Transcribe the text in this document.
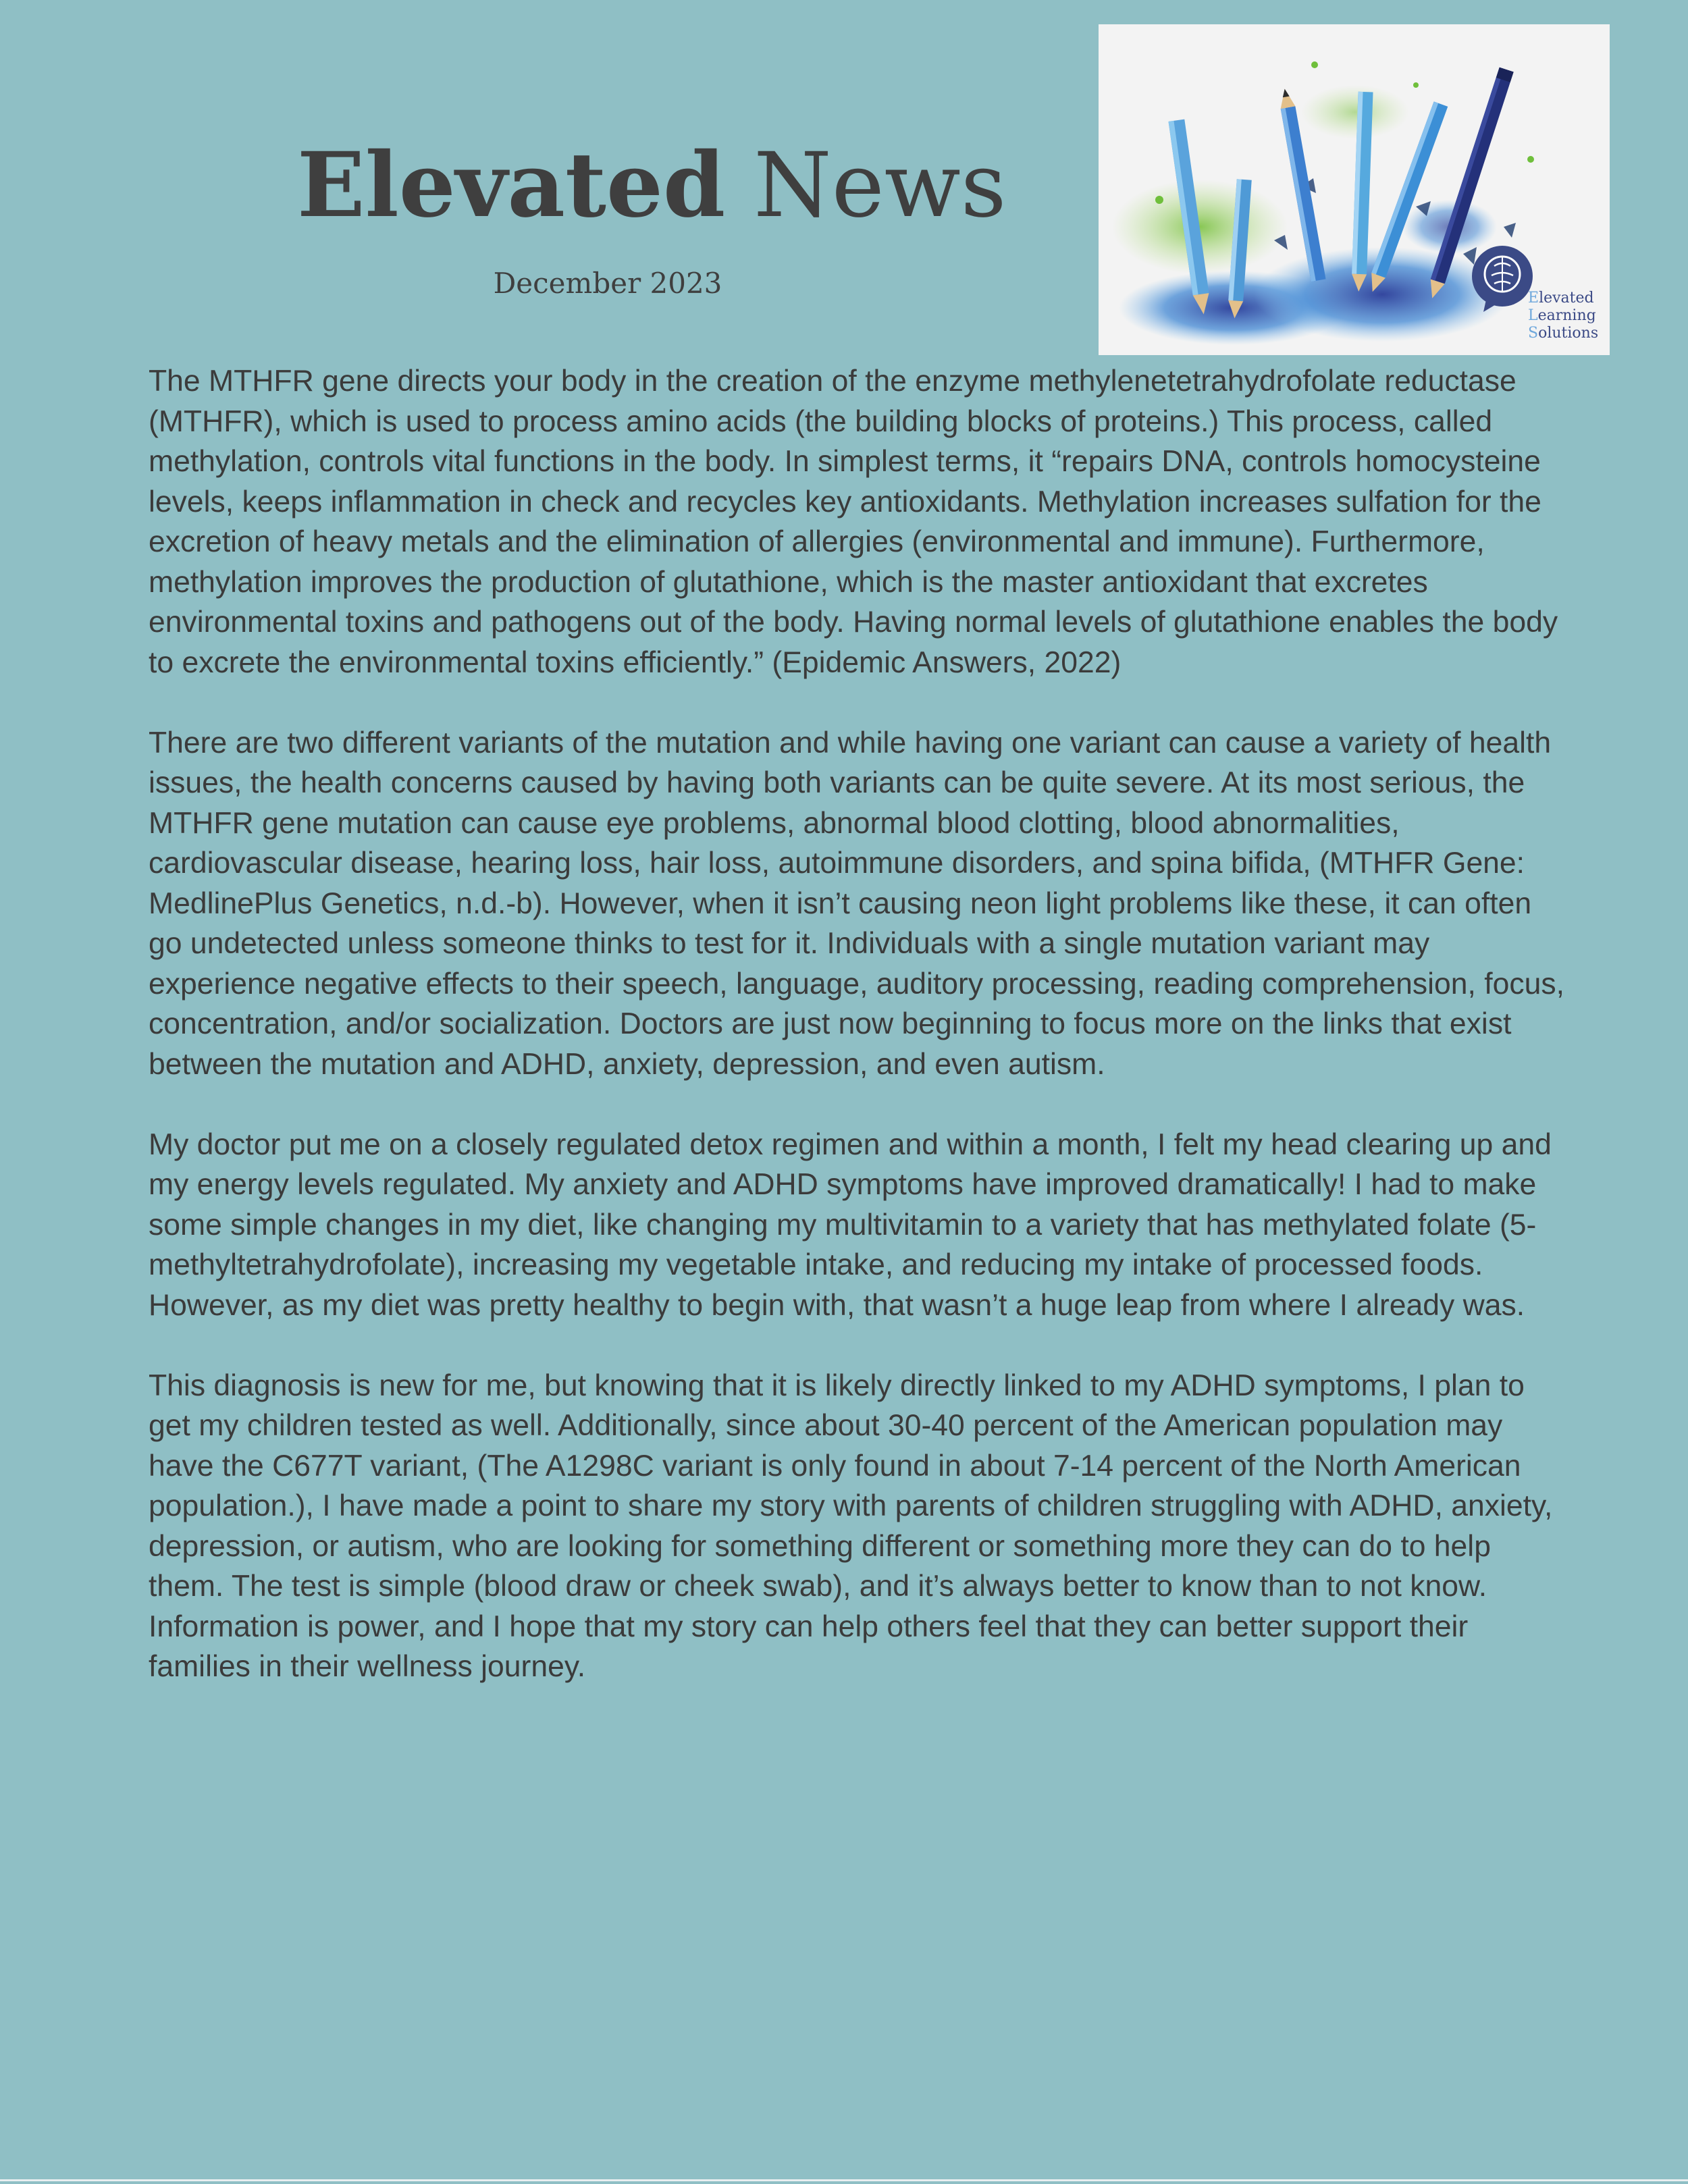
Elevated News
December 2023	Elevated
Learning
Solutions

The MTHFR gene directs your body in the creation of the enzyme methylenetetrahydrofolate reductase (MTHFR), which is used to process amino acids (the building blocks of proteins.) This process, called methylation, controls vital functions in the body. In simplest terms, it “repairs DNA, controls homocysteine levels, keeps inflammation in check and recycles key antioxidants. Methylation increases sulfation for the excretion of heavy metals and the elimination of allergies (environmental and immune). Furthermore, methylation improves the production of glutathione, which is the master antioxidant that excretes environmental toxins and pathogens out of the body. Having normal levels of glutathione enables the body to excrete the environmental toxins efficiently.” (Epidemic Answers, 2022)

There are two different variants of the mutation and while having one variant can cause a variety of health issues, the health concerns caused by having both variants can be quite severe. At its most serious, the MTHFR gene mutation can cause eye problems, abnormal blood clotting, blood abnormalities, cardiovascular disease, hearing loss, hair loss, autoimmune disorders, and spina bifida, (MTHFR Gene: MedlinePlus Genetics, n.d.-b). However, when it isn’t causing neon light problems like these, it can often go undetected unless someone thinks to test for it. Individuals with a single mutation variant may experience negative effects to their speech, language, auditory processing, reading comprehension, focus, concentration, and/or socialization. Doctors are just now beginning to focus more on the links that exist between the mutation and ADHD, anxiety, depression, and even autism.

My doctor put me on a closely regulated detox regimen and within a month, I felt my head clearing up and my energy levels regulated. My anxiety and ADHD symptoms have improved dramatically! I had to make some simple changes in my diet, like changing my multivitamin to a variety that has methylated folate (5-methyltetrahydrofolate), increasing my vegetable intake, and reducing my intake of processed foods. However, as my diet was pretty healthy to begin with, that wasn’t a huge leap from where I already was.

This diagnosis is new for me, but knowing that it is likely directly linked to my ADHD symptoms, I plan to get my children tested as well. Additionally, since about 30-40 percent of the American population may have the C677T variant, (The A1298C variant is only found in about 7-14 percent of the North American population.), I have made a point to share my story with parents of children struggling with ADHD, anxiety, depression, or autism, who are looking for something different or something more they can do to help them. The test is simple (blood draw or cheek swab), and it’s always better to know than to not know. Information is power, and I hope that my story can help others feel that they can better support their families in their wellness journey.
